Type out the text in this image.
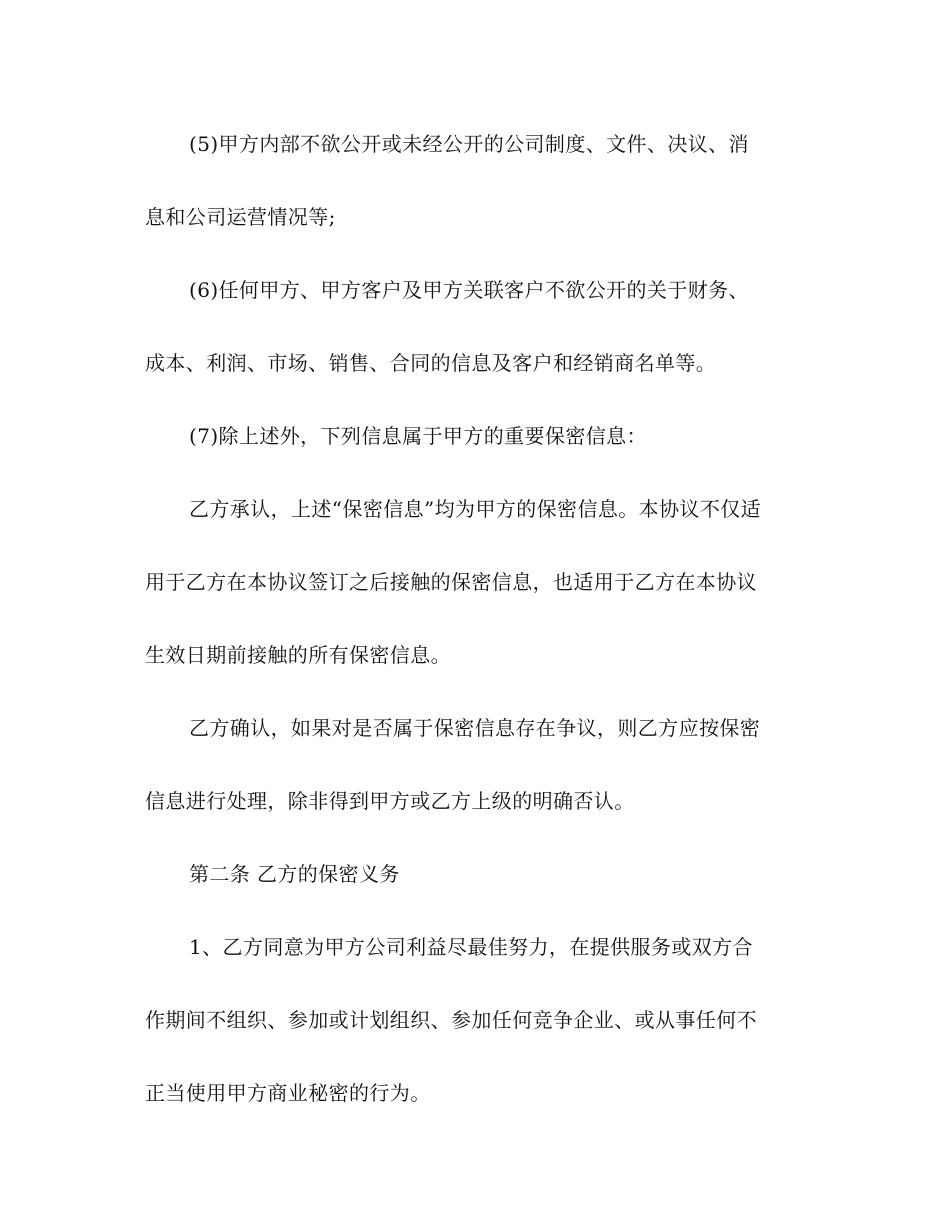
(5)甲方内部不欲公开或未经公开的公司制度、文件、决议、消
息和公司运营情况等;
(6)任何甲方、甲方客户及甲方关联客户不欲公开的关于财务、
成本、利润、市场、销售、合同的信息及客户和经销商名单等。
(7)除上述外，下列信息属于甲方的重要保密信息：
乙方承认，上述“保密信息”均为甲方的保密信息。本协议不仅适
用于乙方在本协议签订之后接触的保密信息，也适用于乙方在本协议
生效日期前接触的所有保密信息。
乙方确认，如果对是否属于保密信息存在争议，则乙方应按保密
信息进行处理，除非得到甲方或乙方上级的明确否认。
第二条 乙方的保密义务
1、乙方同意为甲方公司利益尽最佳努力，在提供服务或双方合
作期间不组织、参加或计划组织、参加任何竞争企业、或从事任何不
正当使用甲方商业秘密的行为。
